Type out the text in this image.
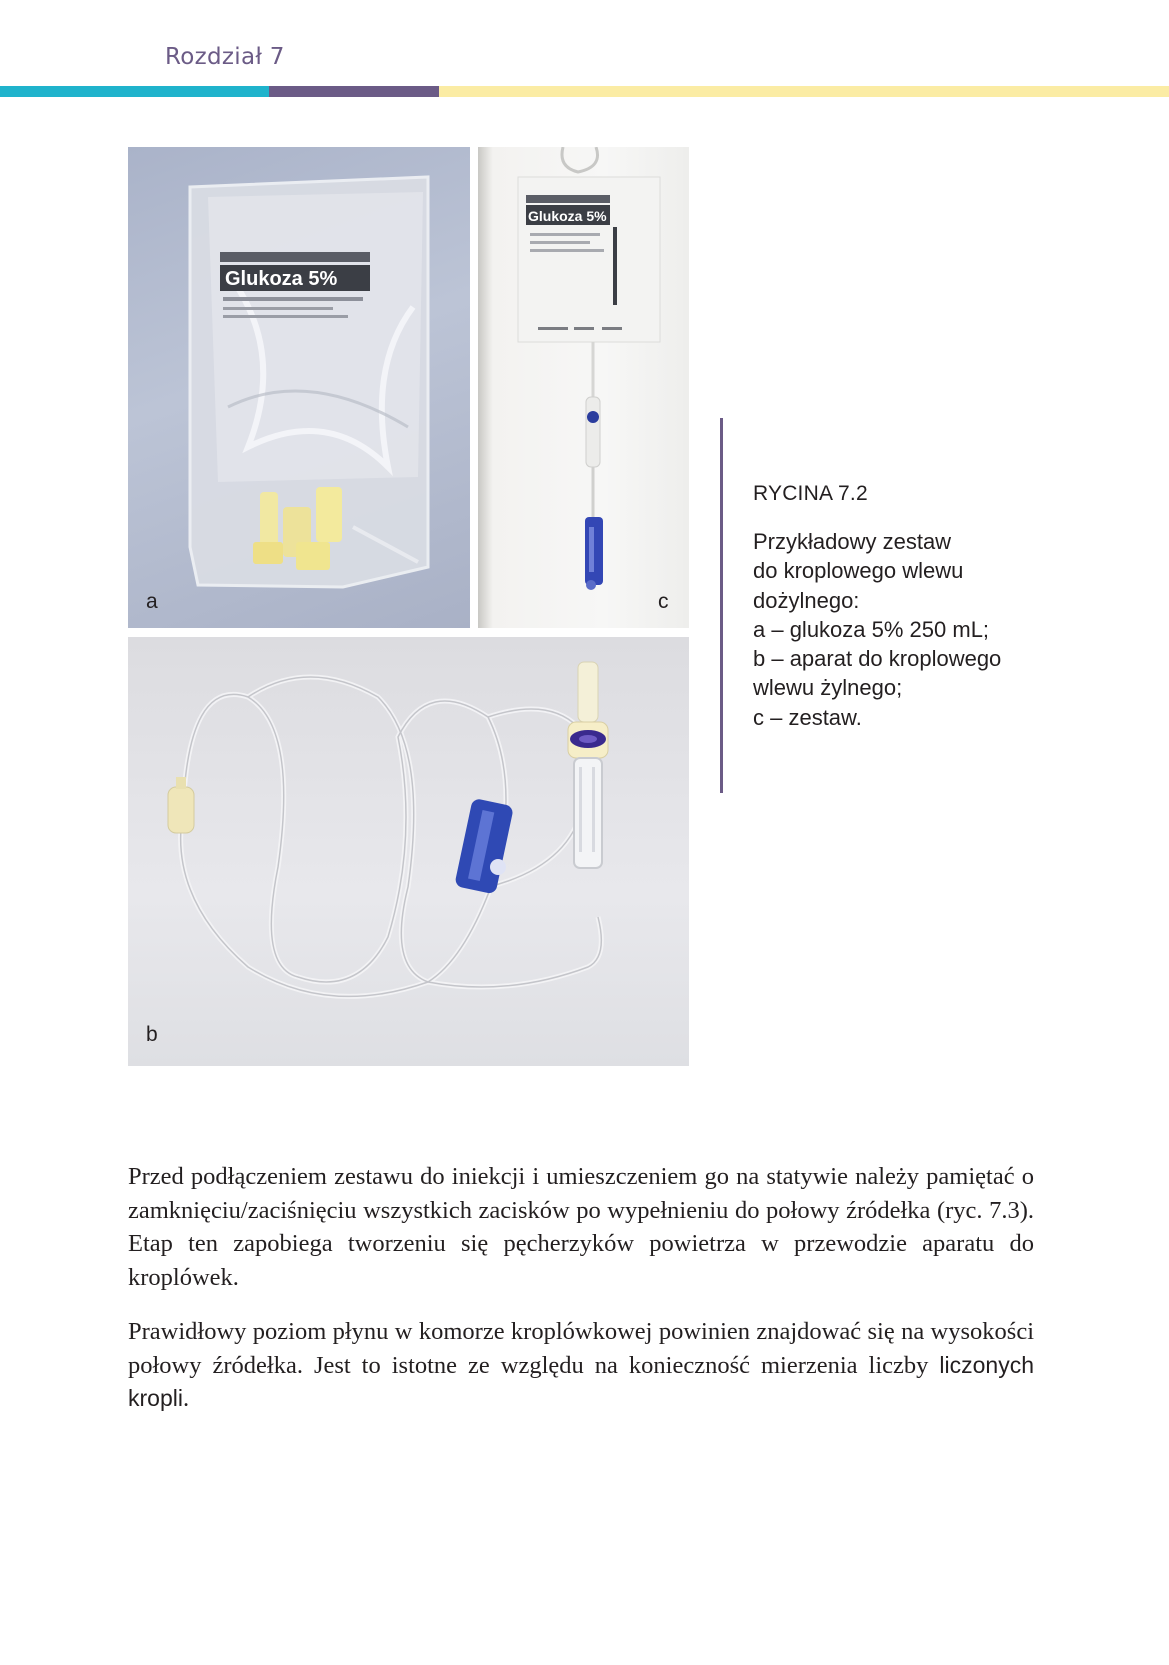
Rozdział 7
Glukoza 5%
a
Glukoza 5%
c
b
RYCINA 7.2
Przykładowy zestaw
do kroplowego wlewu
dożylnego:
a – glukoza 5% 250 mL;
b – aparat do kroplowego
wlewu żylnego;
c – zestaw.

Przed podłączeniem zestawu do iniekcji i umieszczeniem go na statywie należy pamiętać o zamknięciu/zaciśnięciu wszystkich zacisków po wypełnieniu do połowy źródełka (ryc. 7.3). Etap ten zapobiega tworzeniu się pęcherzyków powietrza w przewodzie aparatu do kroplówek.

Prawidłowy poziom płynu w komorze kroplówkowej powinien znajdować się na wysokości połowy źródełka. Jest to istotne ze względu na konieczność mierzenia liczby liczonych kropli.
